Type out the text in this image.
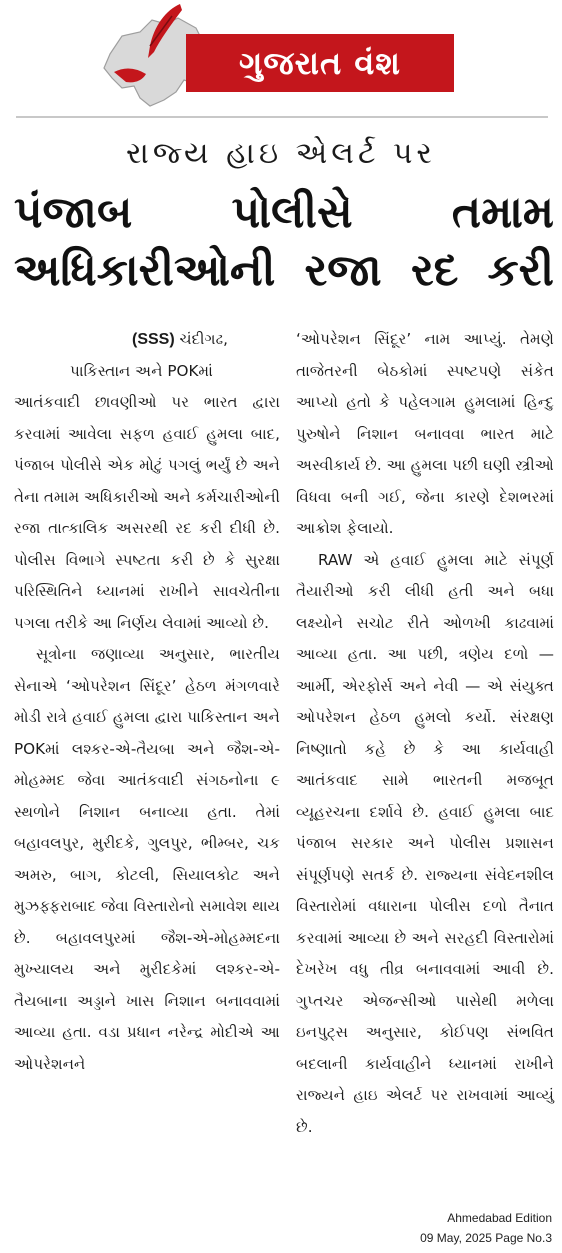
ગુજરાત વંશ
રાજ્ય હાઇ એલર્ટ પર
પંજાબ પોલીસે તમામ
અધિકારીઓની રજા રદ કરી

(SSS) ચંદીગઢ,

પાકિસ્તાન અને POKમાં

આતંકવાદી છાવણીઓ પર ભારત દ્વારા કરવામાં આવેલા સફળ હવાઈ હુમલા બાદ, પંજાબ પોલીસે એક મોટું પગલું ભર્યું છે અને તેના તમામ અધિકારીઓ અને કર્મચારીઓની રજા તાત્કાલિક અસરથી રદ કરી દીધી છે. પોલીસ વિભાગે સ્પષ્ટતા કરી છે કે સુરક્ષા પરિસ્થિતિને ધ્યાનમાં રાખીને સાવચેતીના પગલા તરીકે આ નિર્ણય લેવામાં આવ્યો છે.

સૂત્રોના જણાવ્યા અનુસાર, ભારતીય સેનાએ ‘ઓપરેશન સિંદૂર’ હેઠળ મંગળવારે મોડી રાત્રે હવાઈ હુમલા દ્વારા પાકિસ્તાન અને POKમાં લશ્કર-એ-તૈયબા અને જૈશ-એ-મોહમ્મદ જેવા આતંકવાદી સંગઠનોના ૯ સ્થળોને નિશાન બનાવ્યા હતા. તેમાં બહાવલપુર, મુરીદકે, ગુલપુર, ભીમ્બર, ચક અમરુ, બાગ, કોટલી, સિયાલકોટ અને મુઝફ્ફરાબાદ જેવા વિસ્તારોનો સમાવેશ થાય છે. બહાવલપુરમાં જૈશ-એ-મોહમ્મદના મુખ્યાલય અને મુરીદકેમાં લશ્કર-એ-તૈયબાના અડ્ડાને ખાસ નિશાન બનાવવામાં આવ્યા હતા. વડા પ્રધાન નરેન્દ્ર મોદીએ આ ઓપરેશનને

‘ઓપરેશન સિંદૂર’ નામ આપ્યું. તેમણે તાજેતરની બેઠકોમાં સ્પષ્ટપણે સંકેત આપ્યો હતો કે પહેલગામ હુમલામાં હિન્દુ પુરુષોને નિશાન બનાવવા ભારત માટે અસ્વીકાર્ય છે. આ હુમલા પછી ઘણી સ્ત્રીઓ વિધવા બની ગઈ, જેના કારણે દેશભરમાં આક્રોશ ફેલાયો.

RAW એ હવાઈ હુમલા માટે સંપૂર્ણ તૈયારીઓ કરી લીધી હતી અને બધા લક્ષ્યોને સચોટ રીતે ઓળખી કાઢવામાં આવ્યા હતા. આ પછી, ત્રણેય દળો — આર્મી, એરફોર્સ અને નેવી — એ સંયુક્ત ઓપરેશન હેઠળ હુમલો કર્યો. સંરક્ષણ નિષ્ણાતો કહે છે કે આ કાર્યવાહી આતંકવાદ સામે ભારતની મજબૂત વ્યૂહરચના દર્શાવે છે. હવાઈ હુમલા બાદ પંજાબ સરકાર અને પોલીસ પ્રશાસન સંપૂર્ણપણે સતર્ક છે. રાજ્યના સંવેદનશીલ વિસ્તારોમાં વધારાના પોલીસ દળો તૈનાત કરવામાં આવ્યા છે અને સરહદી વિસ્તારોમાં દેખરેખ વધુ તીવ્ર બનાવવામાં આવી છે. ગુપ્તચર એજન્સીઓ પાસેથી મળેલા ઇનપુટ્સ અનુસાર, કોઈપણ સંભવિત બદલાની કાર્યવાહીને ધ્યાનમાં રાખીને રાજ્યને હાઇ એલર્ટ પર રાખવામાં આવ્યું છે.

Ahmedabad Edition
09 May, 2025 Page No.3
